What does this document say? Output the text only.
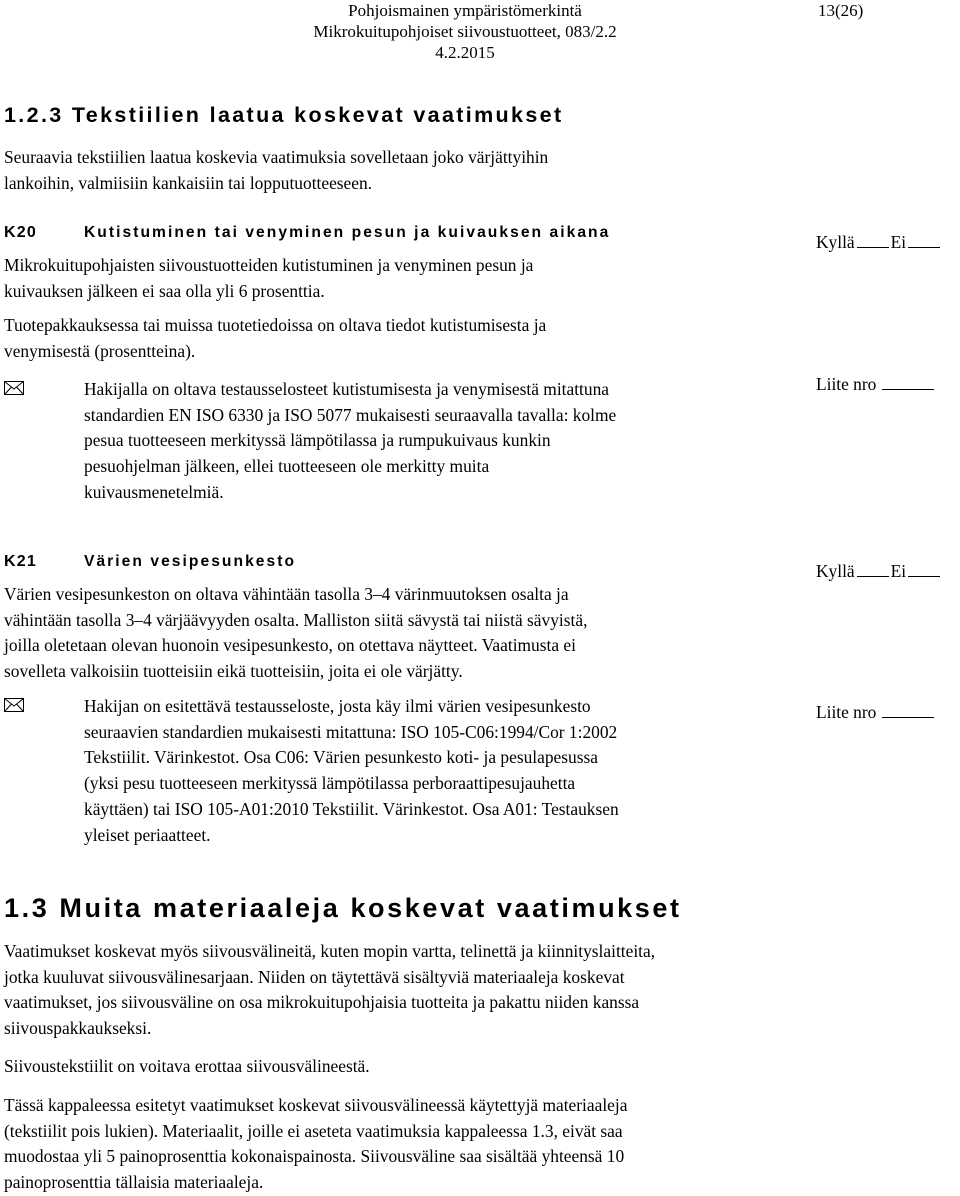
Pohjoismainen ympäristömerkintä
Mikrokuitupohjoiset siivoustuotteet, 083/2.2
4.2.2015
13(26)
1.2.3 Tekstiilien laatua koskevat vaatimukset
Seuraavia tekstiilien laatua koskevia vaatimuksia sovelletaan joko värjättyihin
lankoihin, valmiisiin kankaisiin tai lopputuotteeseen.
K20	Kutistuminen tai venyminen pesun ja kuivauksen aikana	Kyllä Ei
Mikrokuitupohjaisten siivoustuotteiden kutistuminen ja venyminen pesun ja
kuivauksen jälkeen ei saa olla yli 6 prosenttia.
Tuotepakkauksessa tai muissa tuotetiedoissa on oltava tiedot kutistumisesta ja
venymisestä (prosentteina).
Hakijalla on oltava testausselosteet kutistumisesta ja venymisestä mitattuna
standardien EN ISO 6330 ja ISO 5077 mukaisesti seuraavalla tavalla: kolme
pesua tuotteeseen merkityssä lämpötilassa ja rumpukuivaus kunkin
pesuohjelman jälkeen, ellei tuotteeseen ole merkitty muita
kuivausmenetelmiä.
Liite nro
K21	Värien vesipesunkesto	Kyllä Ei
Värien vesipesunkeston on oltava vähintään tasolla 3–4 värinmuutoksen osalta ja
vähintään tasolla 3–4 värjäävyyden osalta. Malliston siitä sävystä tai niistä sävyistä,
joilla oletetaan olevan huonoin vesipesunkesto, on otettava näytteet. Vaatimusta ei
sovelleta valkoisiin tuotteisiin eikä tuotteisiin, joita ei ole värjätty.
Hakijan on esitettävä testausseloste, josta käy ilmi värien vesipesunkesto
seuraavien standardien mukaisesti mitattuna: ISO 105-C06:1994/Cor 1:2002
Tekstiilit. Värinkestot. Osa C06: Värien pesunkesto koti- ja pesulapesussa
(yksi pesu tuotteeseen merkityssä lämpötilassa perboraattipesujauhetta
käyttäen) tai ISO 105-A01:2010 Tekstiilit. Värinkestot. Osa A01: Testauksen
yleiset periaatteet.
Liite nro
1.3 Muita materiaaleja koskevat vaatimukset
Vaatimukset koskevat myös siivousvälineitä, kuten mopin vartta, telinettä ja kiinnityslaitteita,
jotka kuuluvat siivousvälinesarjaan. Niiden on täytettävä sisältyviä materiaaleja koskevat
vaatimukset, jos siivousväline on osa mikrokuitupohjaisia tuotteita ja pakattu niiden kanssa
siivouspakkaukseksi.
Siivoustekstiilit on voitava erottaa siivousvälineestä.
Tässä kappaleessa esitetyt vaatimukset koskevat siivousvälineessä käytettyjä materiaaleja
(tekstiilit pois lukien). Materiaalit, joille ei aseteta vaatimuksia kappaleessa 1.3, eivät saa
muodostaa yli 5 painoprosenttia kokonaispainosta. Siivousväline saa sisältää yhteensä 10
painoprosenttia tällaisia materiaaleja.
